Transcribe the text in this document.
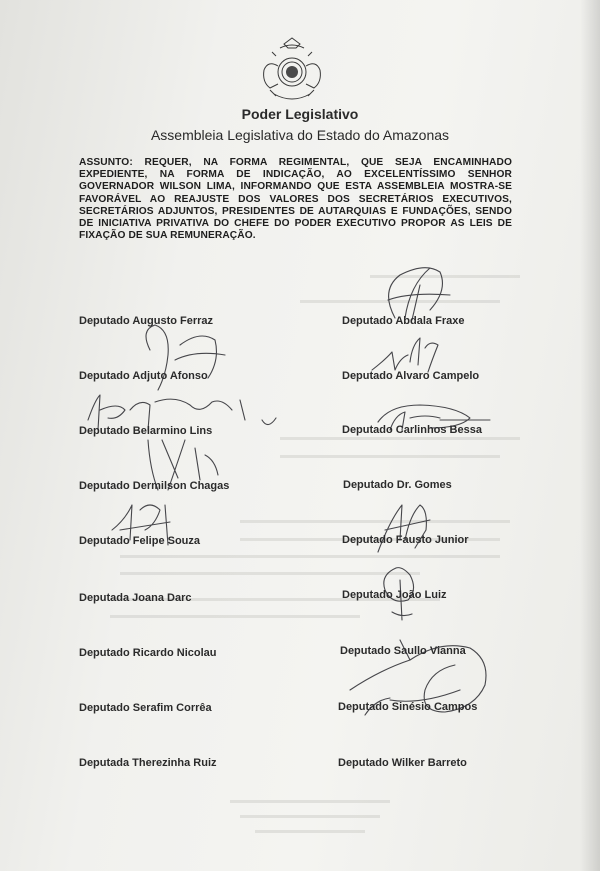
Poder Legislativo
Assembleia Legislativa do Estado do Amazonas
ASSUNTO: REQUER, NA FORMA REGIMENTAL, QUE SEJA ENCAMINHADO EXPEDIENTE, NA FORMA DE INDICAÇÃO, AO EXCELENTÍSSIMO SENHOR GOVERNADOR WILSON LIMA, INFORMANDO QUE ESTA ASSEMBLEIA MOSTRA-SE FAVORÁVEL AO REAJUSTE DOS VALORES DOS SECRETÁRIOS EXECUTIVOS, SECRETÁRIOS ADJUNTOS, PRESIDENTES DE AUTARQUIAS E FUNDAÇÕES, SENDO DE INICIATIVA PRIVATIVA DO CHEFE DO PODER EXECUTIVO PROPOR AS LEIS DE FIXAÇÃO DE SUA REMUNERAÇÃO.
Deputado Augusto Ferraz
Deputado Adjuto Afonso
Deputado Belarmino Lins
Deputado Dermilson Chagas
Deputado Felipe Souza
Deputada Joana Darc
Deputado Ricardo Nicolau
Deputado Serafim Corrêa
Deputada Therezinha Ruiz
Deputado Abdala Fraxe
Deputado Alvaro Campelo
Deputado Carlinhos Bessa
Deputado Dr. Gomes
Deputado Fausto Junior
Deputado João Luiz
Deputado Saullo Vianna
Deputado Sinésio Campos
Deputado Wilker Barreto
